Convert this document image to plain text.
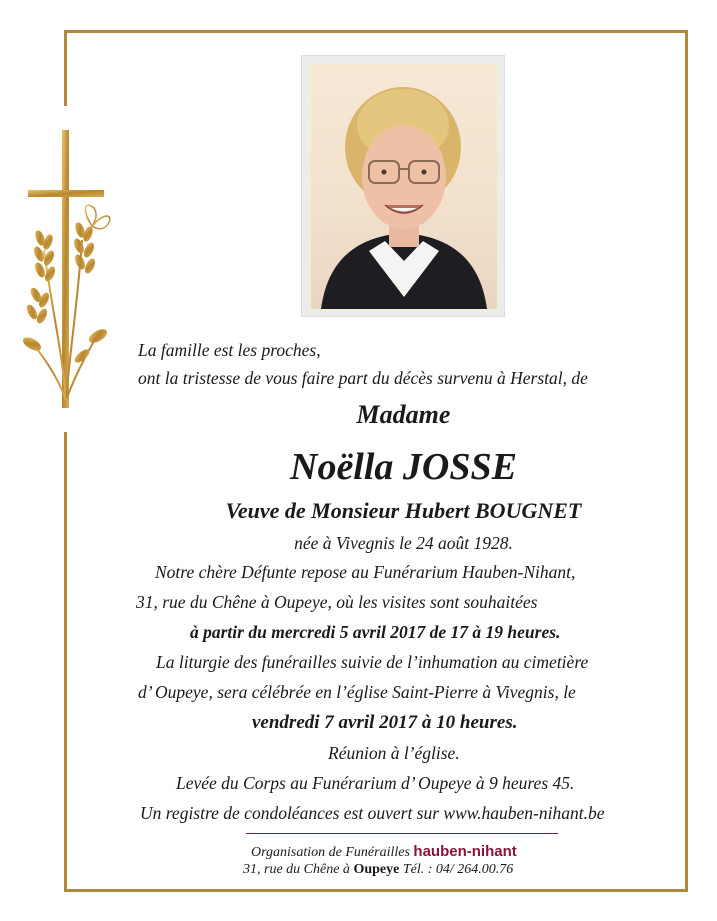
La famille est les proches,
ont la tristesse de vous faire part du décès survenu à Herstal, de
Madame
Noëlla JOSSE
Veuve de Monsieur Hubert BOUGNET
née à Vivegnis le 24 août 1928.
Notre chère Défunte repose au Funérarium Hauben-Nihant,
31, rue du Chêne à Oupeye, où les visites sont souhaitées
à partir du mercredi 5 avril 2017 de 17 à 19 heures.
La liturgie des funérailles suivie de l’inhumation au cimetière
d’ Oupeye, sera célébrée en l’église Saint-Pierre à Vivegnis, le
vendredi 7 avril 2017 à 10 heures.
Réunion à l’église.
Levée du Corps au Funérarium d’ Oupeye à 9 heures 45.
Un registre de condoléances est ouvert sur www.hauben-nihant.be
Organisation de Funérailles hauben-nihant
31, rue du Chêne à Oupeye Tél. : 04/ 264.00.76
